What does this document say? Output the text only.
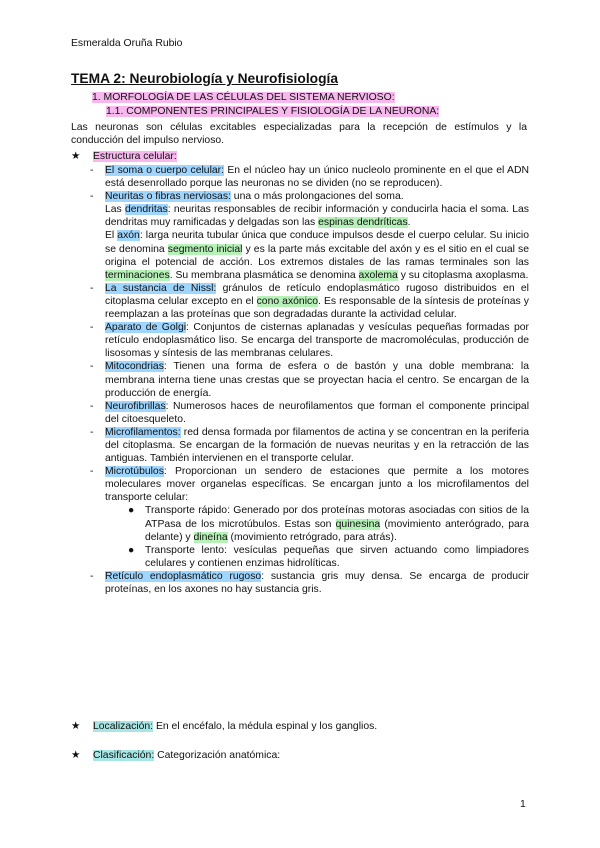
Esmeralda Oruña Rubio
TEMA 2: Neurobiología y Neurofisiología
1. MORFOLOGÍA DE LAS CÉLULAS DEL SISTEMA NERVIOSO:
1.1. COMPONENTES PRINCIPALES Y FISIOLOGÍA DE LA NEURONA:

Las neuronas son células excitables especializadas para la recepción de estímulos y la conducción del impulso nervioso.

★ Estructura celular:
- El soma o cuerpo celular: En el núcleo hay un único nucleolo prominente en el que el ADN está desenrollado porque las neuronas no se dividen (no se reproducen).
- Neuritas o fibras nerviosas: una o más prolongaciones del soma.

Las dendritas: neuritas responsables de recibir información y conducirla hacia el soma. Las dendritas muy ramificadas y delgadas son las espinas dendríticas.

El axón: larga neurita tubular única que conduce impulsos desde el cuerpo celular. Su inicio se denomina segmento inicial y es la parte más excitable del axón y es el sitio en el cual se origina el potencial de acción. Los extremos distales de las ramas terminales son las terminaciones. Su membrana plasmática se denomina axolema y su citoplasma axoplasma.

- La sustancia de Nissl: gránulos de retículo endoplasmático rugoso distribuidos en el citoplasma celular excepto en el cono axónico. Es responsable de la síntesis de proteínas y reemplazan a las proteínas que son degradadas durante la actividad celular.
- Aparato de Golgi: Conjuntos de cisternas aplanadas y vesículas pequeñas formadas por retículo endoplasmático liso. Se encarga del transporte de macromoléculas, producción de lisosomas y síntesis de las membranas celulares.
- Mitocondrias: Tienen una forma de esfera o de bastón y una doble membrana: la membrana interna tiene unas crestas que se proyectan hacia el centro. Se encargan de la producción de energía.
- Neurofibrillas: Numerosos haces de neurofilamentos que forman el componente principal del citoesqueleto.
- Microfilamentos: red densa formada por filamentos de actina y se concentran en la periferia del citoplasma. Se encargan de la formación de nuevas neuritas y en la retracción de las antiguas. También intervienen en el transporte celular.
- Microtúbulos: Proporcionan un sendero de estaciones que permite a los motores moleculares mover organelas específicas. Se encargan junto a los microfilamentos del transporte celular:
● Transporte rápido: Generado por dos proteínas motoras asociadas con sitios de la ATPasa de los microtúbulos. Estas son quinesina (movimiento anterógrado, para delante) y dineína (movimiento retrógrado, para atrás).
● Transporte lento: vesículas pequeñas que sirven actuando como limpiadores celulares y contienen enzimas hidrolíticas.
- Retículo endoplasmático rugoso: sustancia gris muy densa. Se encarga de producir proteínas, en los axones no hay sustancia gris.
★ Localización: En el encéfalo, la médula espinal y los ganglios.
★ Clasificación: Categorización anatómica:
1
